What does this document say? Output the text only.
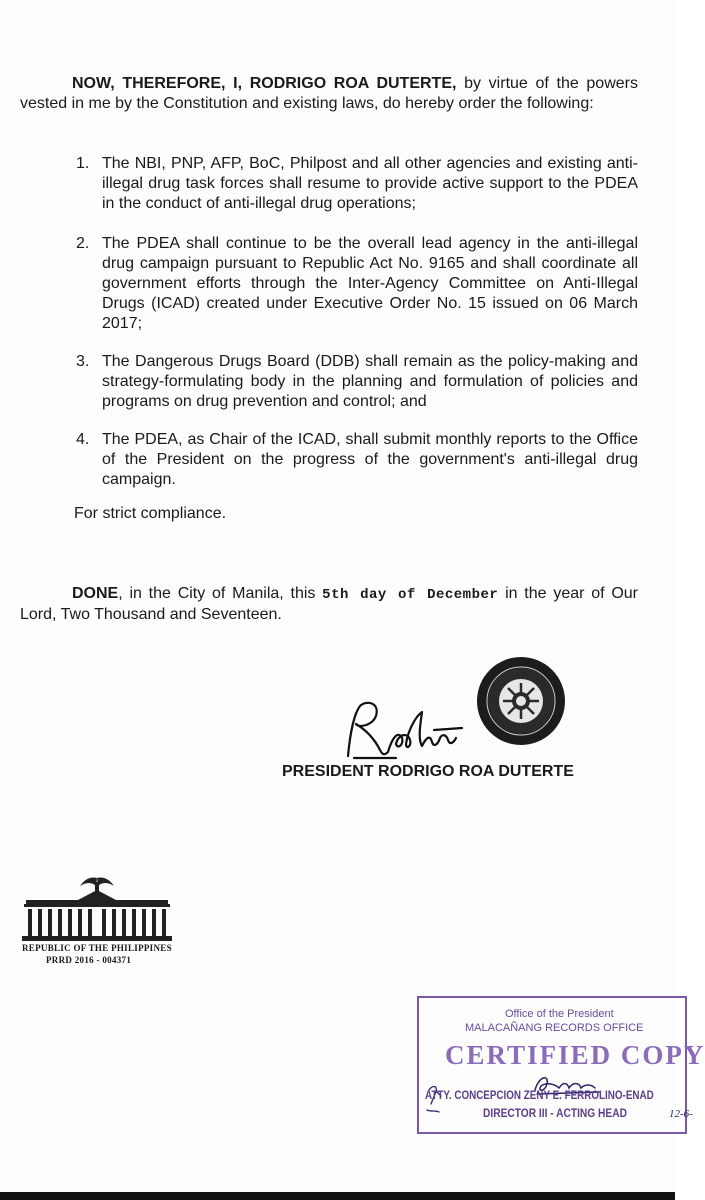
NOW, THEREFORE, I, RODRIGO ROA DUTERTE, by virtue of the powers vested in me by the Constitution and existing laws, do hereby order the following:

1. The NBI, PNP, AFP, BoC, Philpost and all other agencies and existing anti-illegal drug task forces shall resume to provide active support to the PDEA in the conduct of anti-illegal drug operations;

2. The PDEA shall continue to be the overall lead agency in the anti-illegal drug campaign pursuant to Republic Act No. 9165 and shall coordinate all government efforts through the Inter-Agency Committee on Anti-Illegal Drugs (ICAD) created under Executive Order No. 15 issued on 06 March 2017;

3. The Dangerous Drugs Board (DDB) shall remain as the policy-making and strategy-formulating body in the planning and formulation of policies and programs on drug prevention and control; and

4. The PDEA, as Chair of the ICAD, shall submit monthly reports to the Office of the President on the progress of the government's anti-illegal drug campaign.

For strict compliance.

DONE, in the City of Manila, this 5th day of December in the year of Our Lord, Two Thousand and Seventeen.

PRESIDENT RODRIGO ROA DUTERTE
REPUBLIC OF THE PHILIPPINES
PRRD 2016 - 004371
Office of the President
MALACAÑANG RECORDS OFFICE
CERTIFIED COPY
ATTY. CONCEPCION ZENY E. FERROLINO-ENAD
DIRECTOR III - ACTING HEAD	12-6-
